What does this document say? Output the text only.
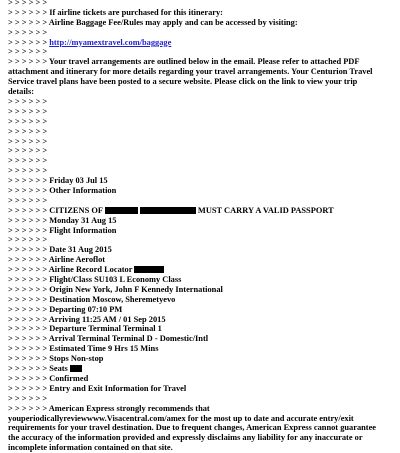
> > > > > >
> > > > > > If airline tickets are purchased for this itinerary:
> > > > > > Airline Baggage Fee/Rules may apply and can be accessed by visiting:
> > > > > >
> > > > > > http://myamextravel.com/baggage
> > > > > >
> > > > > > Your travel arrangements are outlined below in the email. Please refer to attached PDF attachment and itinerary for more details regarding your travel arrangements. Your Centurion Travel Service travel plans have been posted to a secure website. Please click on the link to view your trip details:
> > > > > >
> > > > > >
> > > > > >
> > > > > >
> > > > > >
> > > > > >
> > > > > >
> > > > > >
> > > > > > Friday 03 Jul 15
> > > > > > Other Information
> > > > > >
> > > > > > CITIZENS OF	MUST CARRY A VALID PASSPORT
> > > > > > Monday 31 Aug 15
> > > > > > Flight Information
> > > > > >
> > > > > > Date 31 Aug 2015
> > > > > > Airline Aeroflot
> > > > > > Airline Record Locator
> > > > > > Flight/Class SU103 L Economy Class
> > > > > > Origin New York, John F Kennedy International
> > > > > > Destination Moscow, Sheremetyevo
> > > > > > Departing 07:10 PM
> > > > > > Arriving 11:25 AM / 01 Sep 2015
> > > > > > Departure Terminal Terminal 1
> > > > > > Arrival Terminal Terminal D - Domestic/Intl
> > > > > > Estimated Time 9 Hrs 15 Mins
> > > > > > Stops Non-stop
> > > > > > Seats
> > > > > > Confirmed
> > > > > > Entry and Exit Information for Travel
> > > > > >
> > > > > > American Express strongly recommends that youperiodicallyreviewwww.Visacentral.com/amex for the most up to date and accurate entry/exit requirements for your travel destination. Due to frequent changes, American Express cannot guarantee the accuracy of the information provided and expressly disclaims any liability for any inaccurate or incomplete information contained on that site.
